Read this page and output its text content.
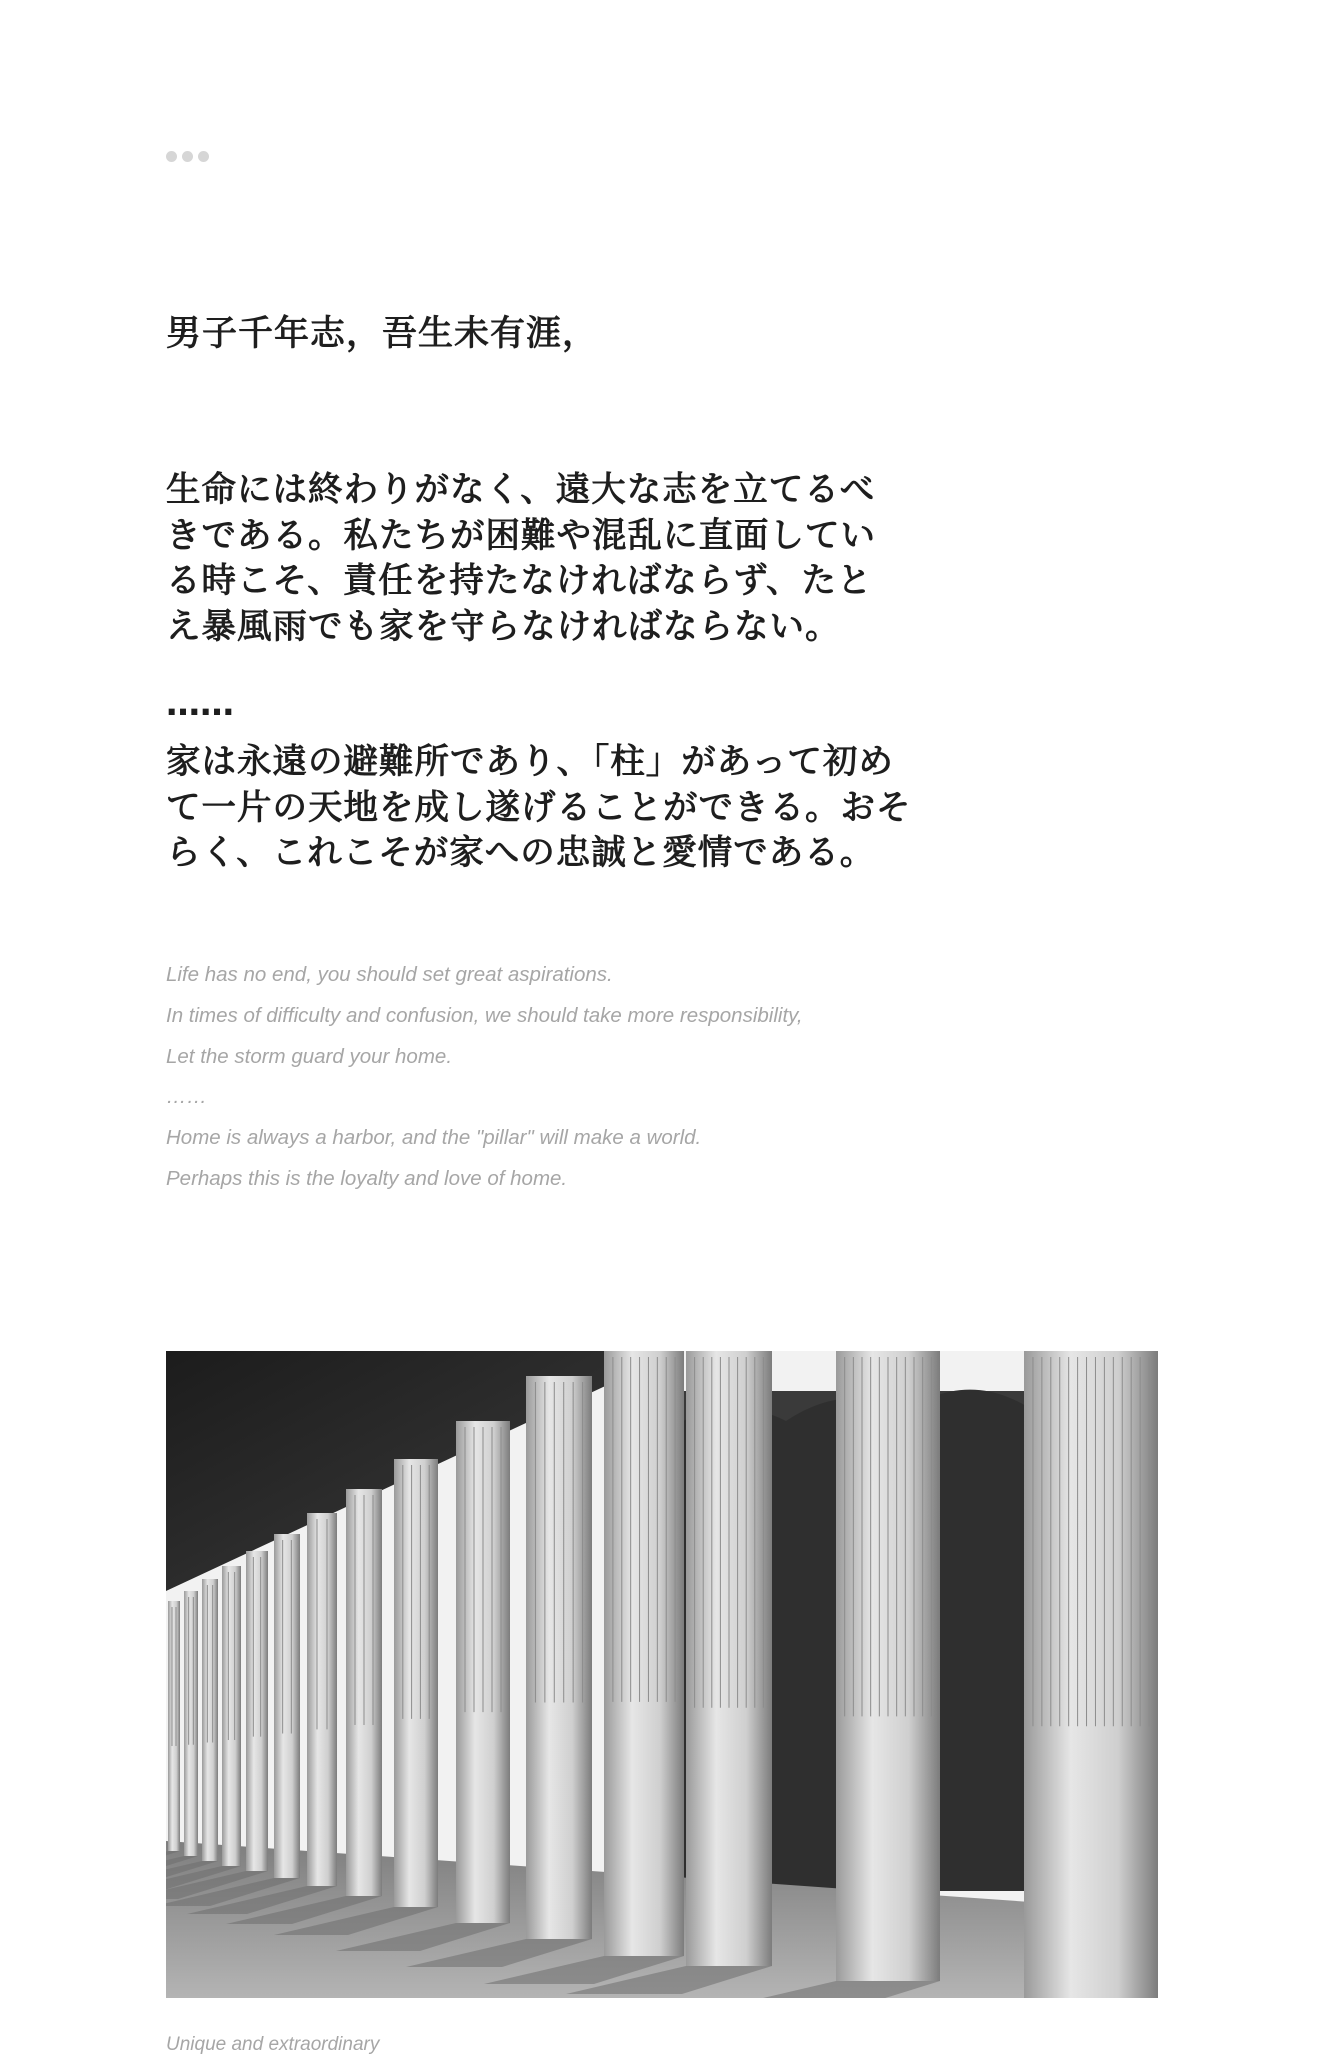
男子千年志，吾生未有涯，

生命には終わりがなく、遠大な志を立てるべ

きである。私たちが困難や混乱に直面してい

る時こそ、責任を持たなければならず、たと

え暴風雨でも家を守らなければならない。

……

家は永遠の避難所であり、「柱」があって初め

て一片の天地を成し遂げることができる。おそ

らく、これこそが家への忠誠と愛情である。

Life has no end, you should set great aspirations.

In times of difficulty and confusion, we should take more responsibility,

Let the storm guard your home.

……

Home is always a harbor, and the "pillar" will make a world.

Perhaps this is the loyalty and love of home.

Unique and extraordinary
